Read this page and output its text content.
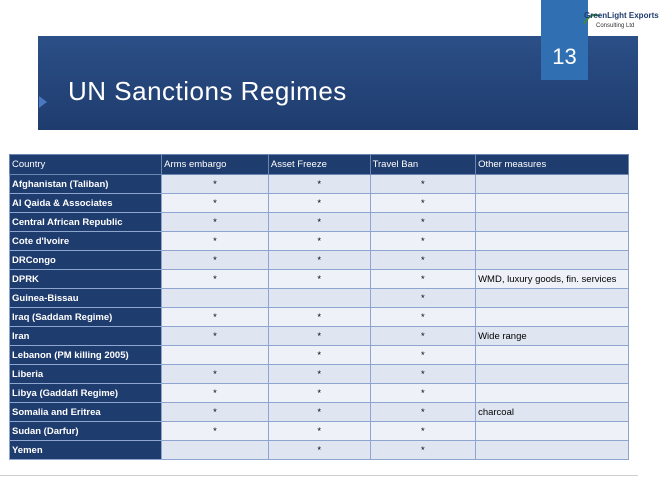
UN Sanctions Regimes
13
GreenLight Exports
Consulting Ltd
Country	Arms embargo	Asset Freeze	Travel Ban	Other measures
Afghanistan (Taliban)	*	*	*	
Al Qaida & Associates	*	*	*	
Central African Republic	*	*	*	
Cote d'Ivoire	*	*	*	
DRCongo	*	*	*	
DPRK	*	*	*	WMD, luxury goods, fin. services
Guinea-Bissau			*	
Iraq (Saddam Regime)	*	*	*	
Iran	*	*	*	Wide range
Lebanon (PM killing 2005)		*	*	
Liberia	*	*	*	
Libya (Gaddafi Regime)	*	*	*	
Somalia and Eritrea	*	*	*	charcoal
Sudan (Darfur)	*	*	*	
Yemen		*	*	
